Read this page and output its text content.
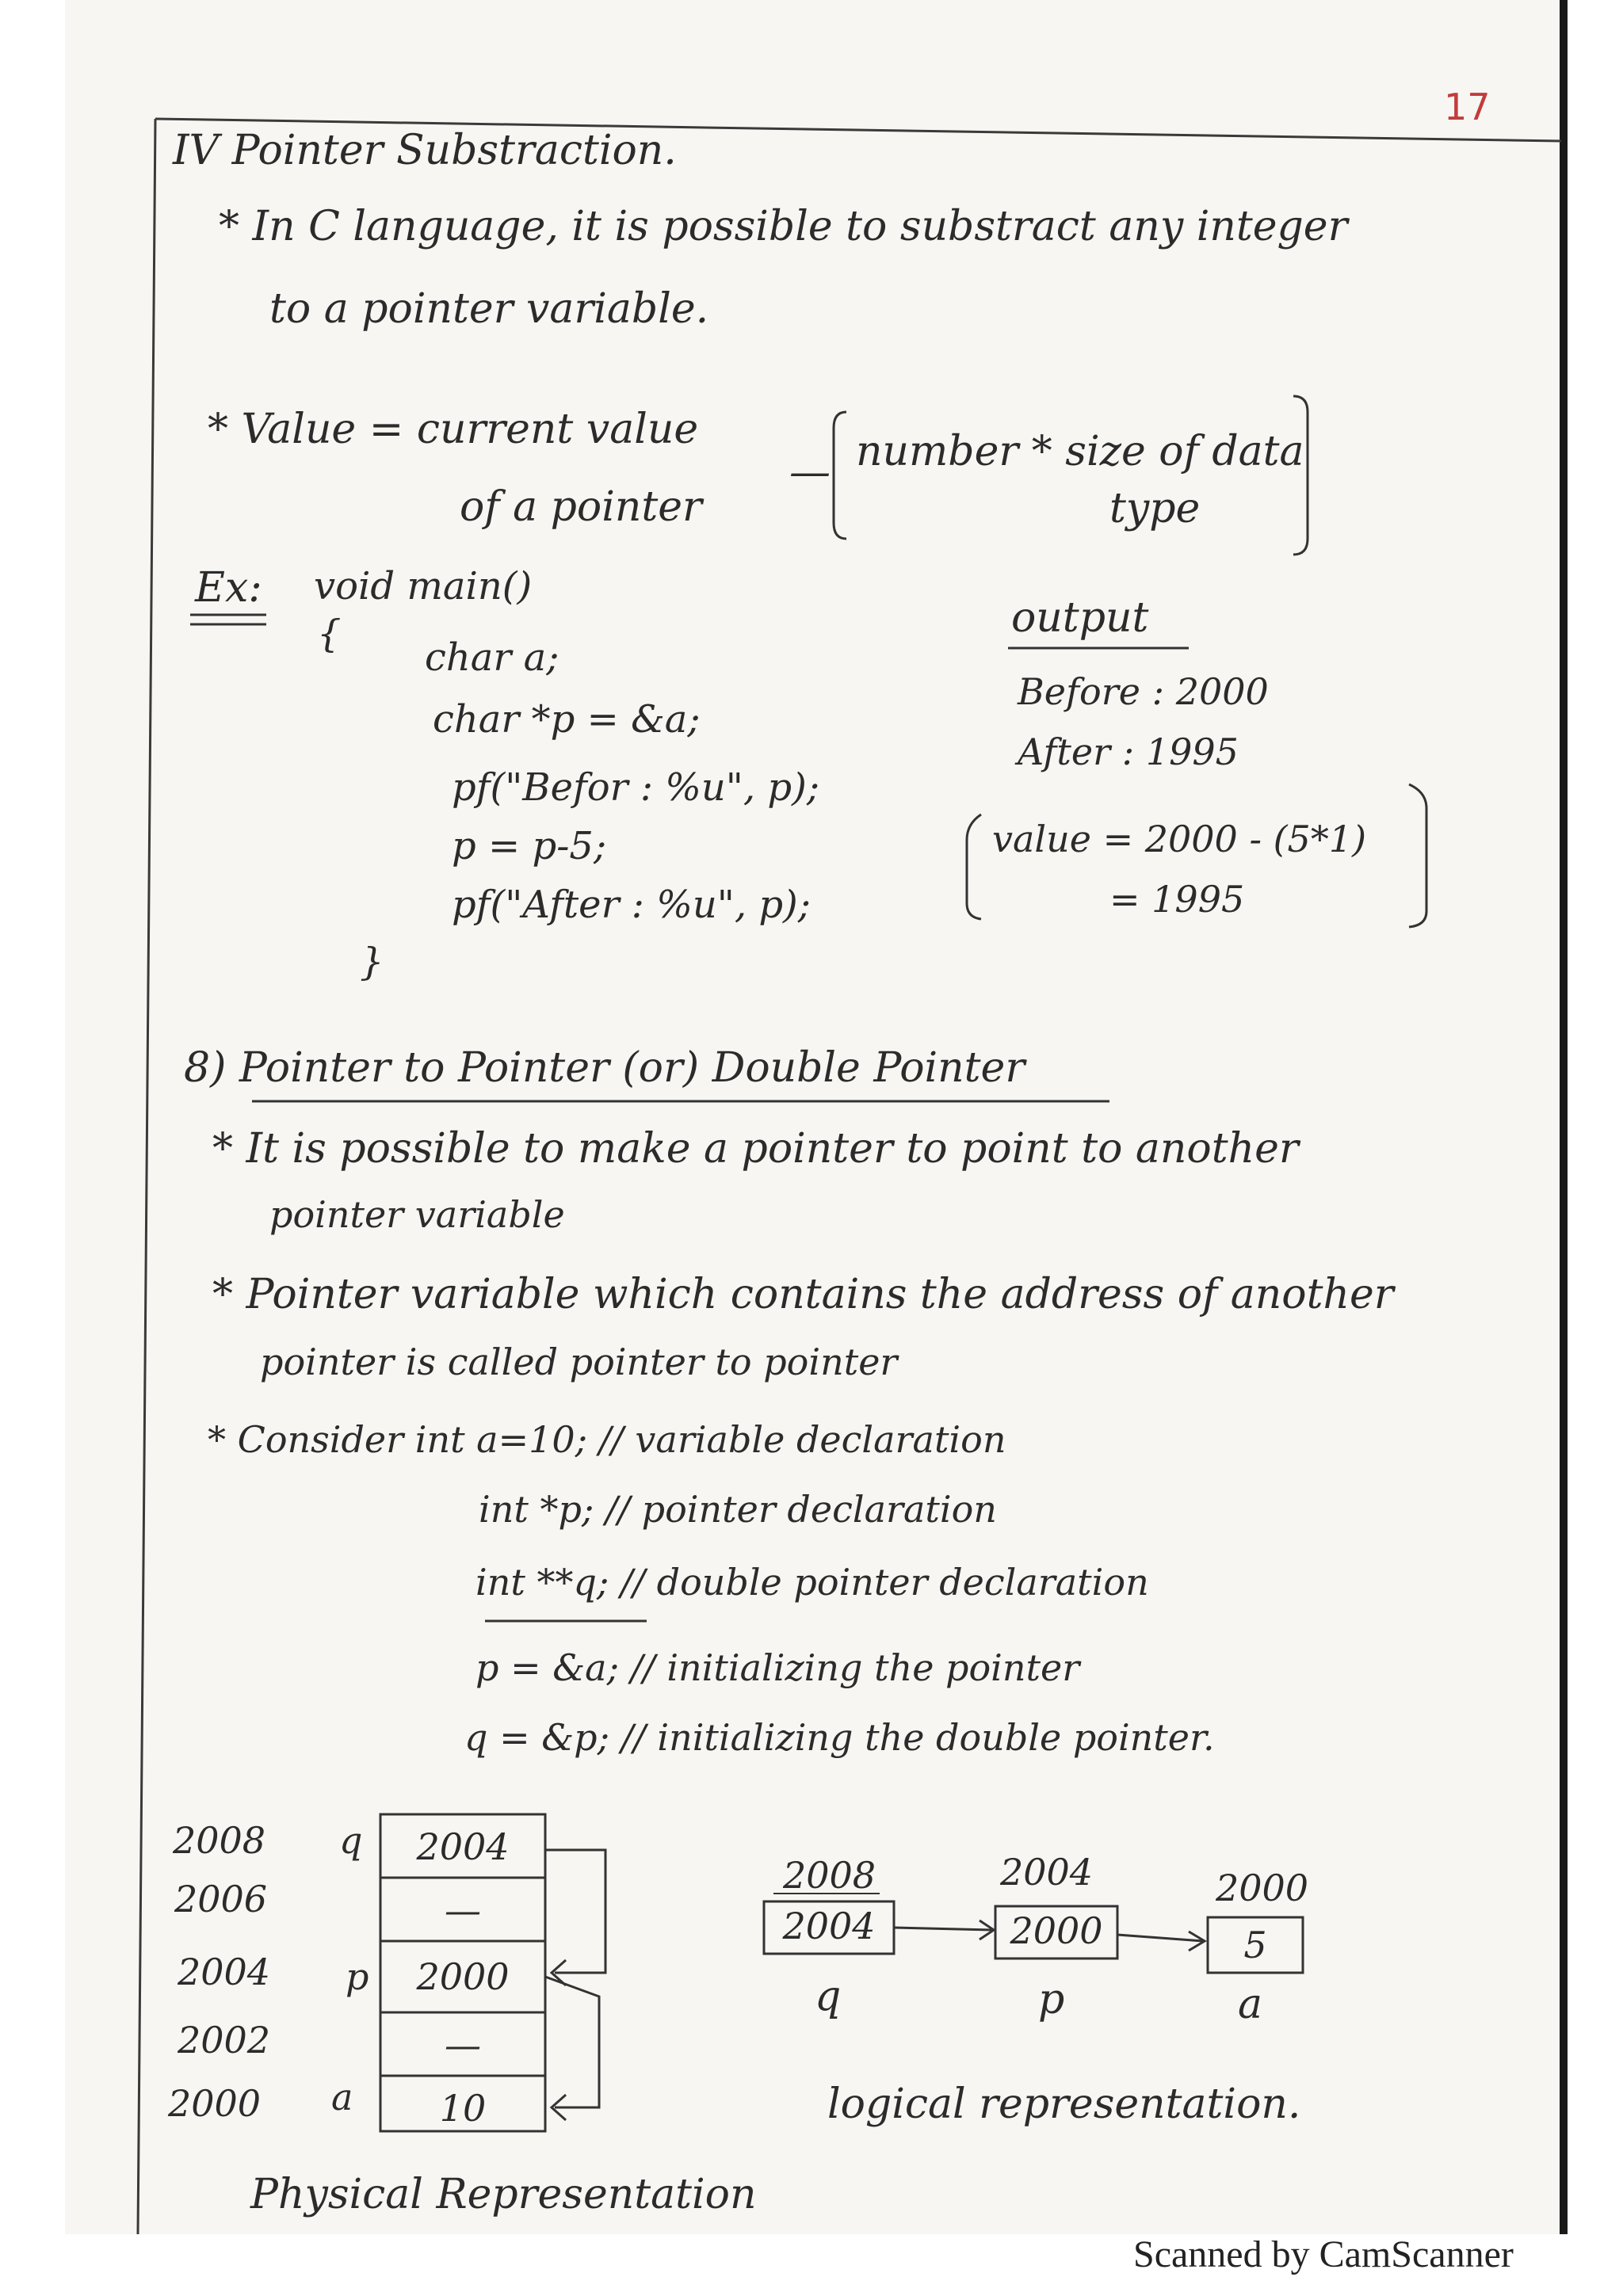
17
IV Pointer Substraction.
* In C language, it is possible to substract any integer
to a pointer variable.
* Value = current value
of a pointer
— number * size of data
type
Ex: void main()
{
char a;
char *p = &a;
pf("Befor : %u", p);
p = p-5;
pf("After : %u", p);
}
output
Before : 2000
After : 1995
value = 2000 - (5*1)
= 1995
8) Pointer to Pointer (or) Double Pointer
* It is possible to make a pointer to point to another
pointer variable
* Pointer variable which contains the address of another
pointer is called pointer to pointer
* Consider int a=10; // variable declaration
int *p; // pointer declaration
int **q; // double pointer declaration
p = &a; // initializing the pointer
q = &p; // initializing the double pointer.
2008
2006
2004
2002
2000
q
p
a
2004
—
2000
—
10
Physical Representation
2008
2004
q
2004
2000
p
2000
5
a
logical representation.
Scanned by CamScanner
